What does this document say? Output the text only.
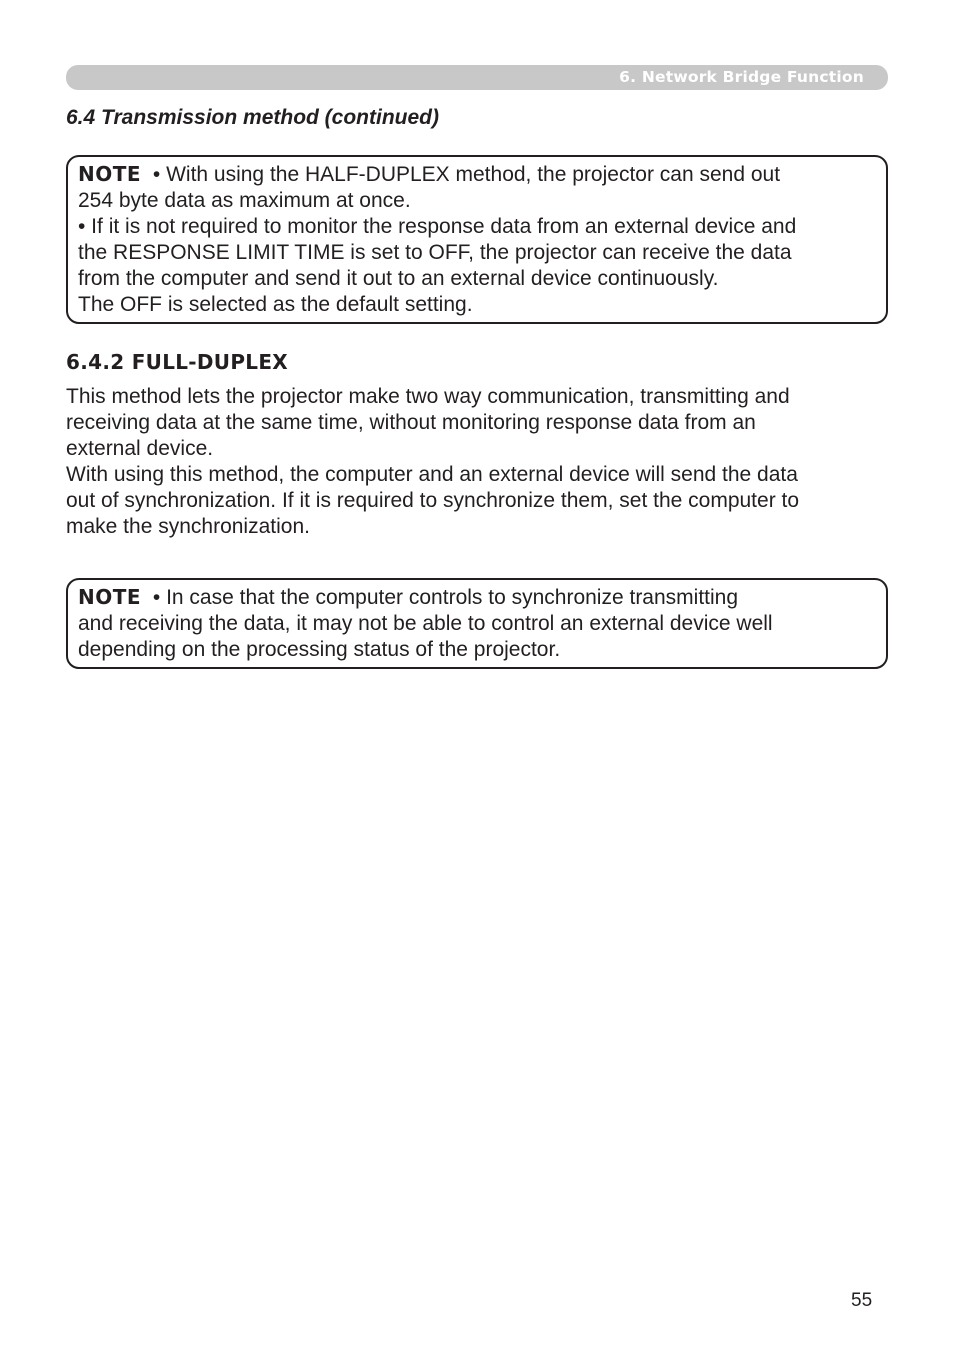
6. Network Bridge Function
6.4 Transmission method (continued)
NOTE • With using the HALF-DUPLEX method, the projector can send out
254 byte data as maximum at once.
• If it is not required to monitor the response data from an external device and
the RESPONSE LIMIT TIME is set to OFF, the projector can receive the data
from the computer and send it out to an external device continuously.
The OFF is selected as the default setting.
6.4.2 FULL-DUPLEX
This method lets the projector make two way communication, transmitting and
receiving data at the same time, without monitoring response data from an
external device.
With using this method, the computer and an external device will send the data
out of synchronization. If it is required to synchronize them, set the computer to
make the synchronization.
NOTE • In case that the computer controls to synchronize transmitting
and receiving the data, it may not be able to control an external device well
depending on the processing status of the projector.
55
